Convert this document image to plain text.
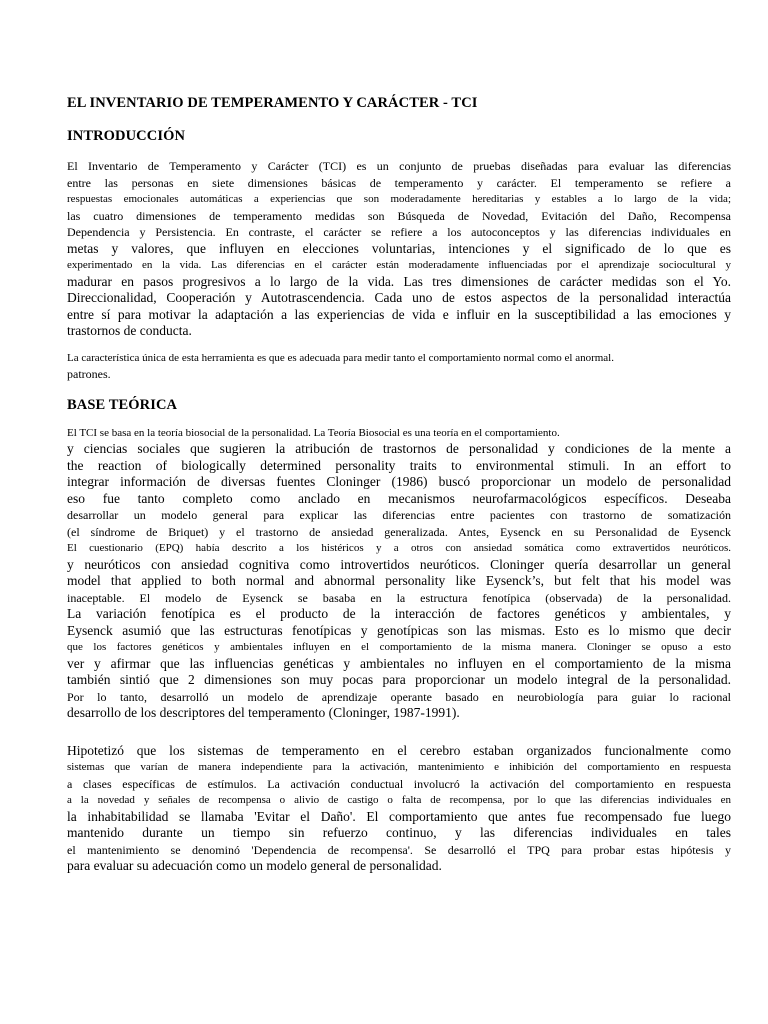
EL INVENTARIO DE TEMPERAMENTO Y CARÁCTER - TCI
INTRODUCCIÓN

El Inventario de Temperamento y Carácter (TCI) es un conjunto de pruebas diseñadas para evaluar las diferencias
entre las personas en siete dimensiones básicas de temperamento y carácter. El temperamento se refiere a
respuestas emocionales automáticas a experiencias que son moderadamente hereditarias y estables a lo largo de la vida;
las cuatro dimensiones de temperamento medidas son Búsqueda de Novedad, Evitación del Daño, Recompensa
Dependencia y Persistencia. En contraste, el carácter se refiere a los autoconceptos y las diferencias individuales en
metas y valores, que influyen en elecciones voluntarias, intenciones y el significado de lo que es
experimentado en la vida. Las diferencias en el carácter están moderadamente influenciadas por el aprendizaje sociocultural y
madurar en pasos progresivos a lo largo de la vida. Las tres dimensiones de carácter medidas son el Yo.
Direccionalidad, Cooperación y Autotrascendencia. Cada uno de estos aspectos de la personalidad interactúa
entre sí para motivar la adaptación a las experiencias de vida e influir en la susceptibilidad a las emociones y
trastornos de conducta.

La característica única de esta herramienta es que es adecuada para medir tanto el comportamiento normal como el anormal.
patrones.

BASE TEÓRICA

El TCI se basa en la teoría biosocial de la personalidad. La Teoría Biosocial es una teoría en el comportamiento.
y ciencias sociales que sugieren la atribución de trastornos de personalidad y condiciones de la mente a
the reaction of biologically determined personality traits to environmental stimuli. In an effort to
integrar información de diversas fuentes Cloninger (1986) buscó proporcionar un modelo de personalidad
eso fue tanto completo como anclado en mecanismos neurofarmacológicos específicos. Deseaba
desarrollar un modelo general para explicar las diferencias entre pacientes con trastorno de somatización
(el síndrome de Briquet) y el trastorno de ansiedad generalizada. Antes, Eysenck en su Personalidad de Eysenck
El cuestionario (EPQ) había descrito a los histéricos y a otros con ansiedad somática como extravertidos neuróticos.
y neuróticos con ansiedad cognitiva como introvertidos neuróticos. Cloninger quería desarrollar un general
model that applied to both normal and abnormal personality like Eysenck’s, but felt that his model was
inaceptable. El modelo de Eysenck se basaba en la estructura fenotípica (observada) de la personalidad.
La variación fenotípica es el producto de la interacción de factores genéticos y ambientales, y
Eysenck asumió que las estructuras fenotípicas y genotípicas son las mismas. Esto es lo mismo que decir
que los factores genéticos y ambientales influyen en el comportamiento de la misma manera. Cloninger se opuso a esto
ver y afirmar que las influencias genéticas y ambientales no influyen en el comportamiento de la misma
también sintió que 2 dimensiones son muy pocas para proporcionar un modelo integral de la personalidad.
Por lo tanto, desarrolló un modelo de aprendizaje operante basado en neurobiología para guiar lo racional
desarrollo de los descriptores del temperamento (Cloninger, 1987-1991).

Hipotetizó que los sistemas de temperamento en el cerebro estaban organizados funcionalmente como
sistemas que varían de manera independiente para la activación, mantenimiento e inhibición del comportamiento en respuesta
a clases específicas de estímulos. La activación conductual involucró la activación del comportamiento en respuesta
a la novedad y señales de recompensa o alivio de castigo o falta de recompensa, por lo que las diferencias individuales en
la inhabitabilidad se llamaba 'Evitar el Daño'. El comportamiento que antes fue recompensado fue luego
mantenido durante un tiempo sin refuerzo continuo, y las diferencias individuales en tales
el mantenimiento se denominó 'Dependencia de recompensa'. Se desarrolló el TPQ para probar estas hipótesis y
para evaluar su adecuación como un modelo general de personalidad.
